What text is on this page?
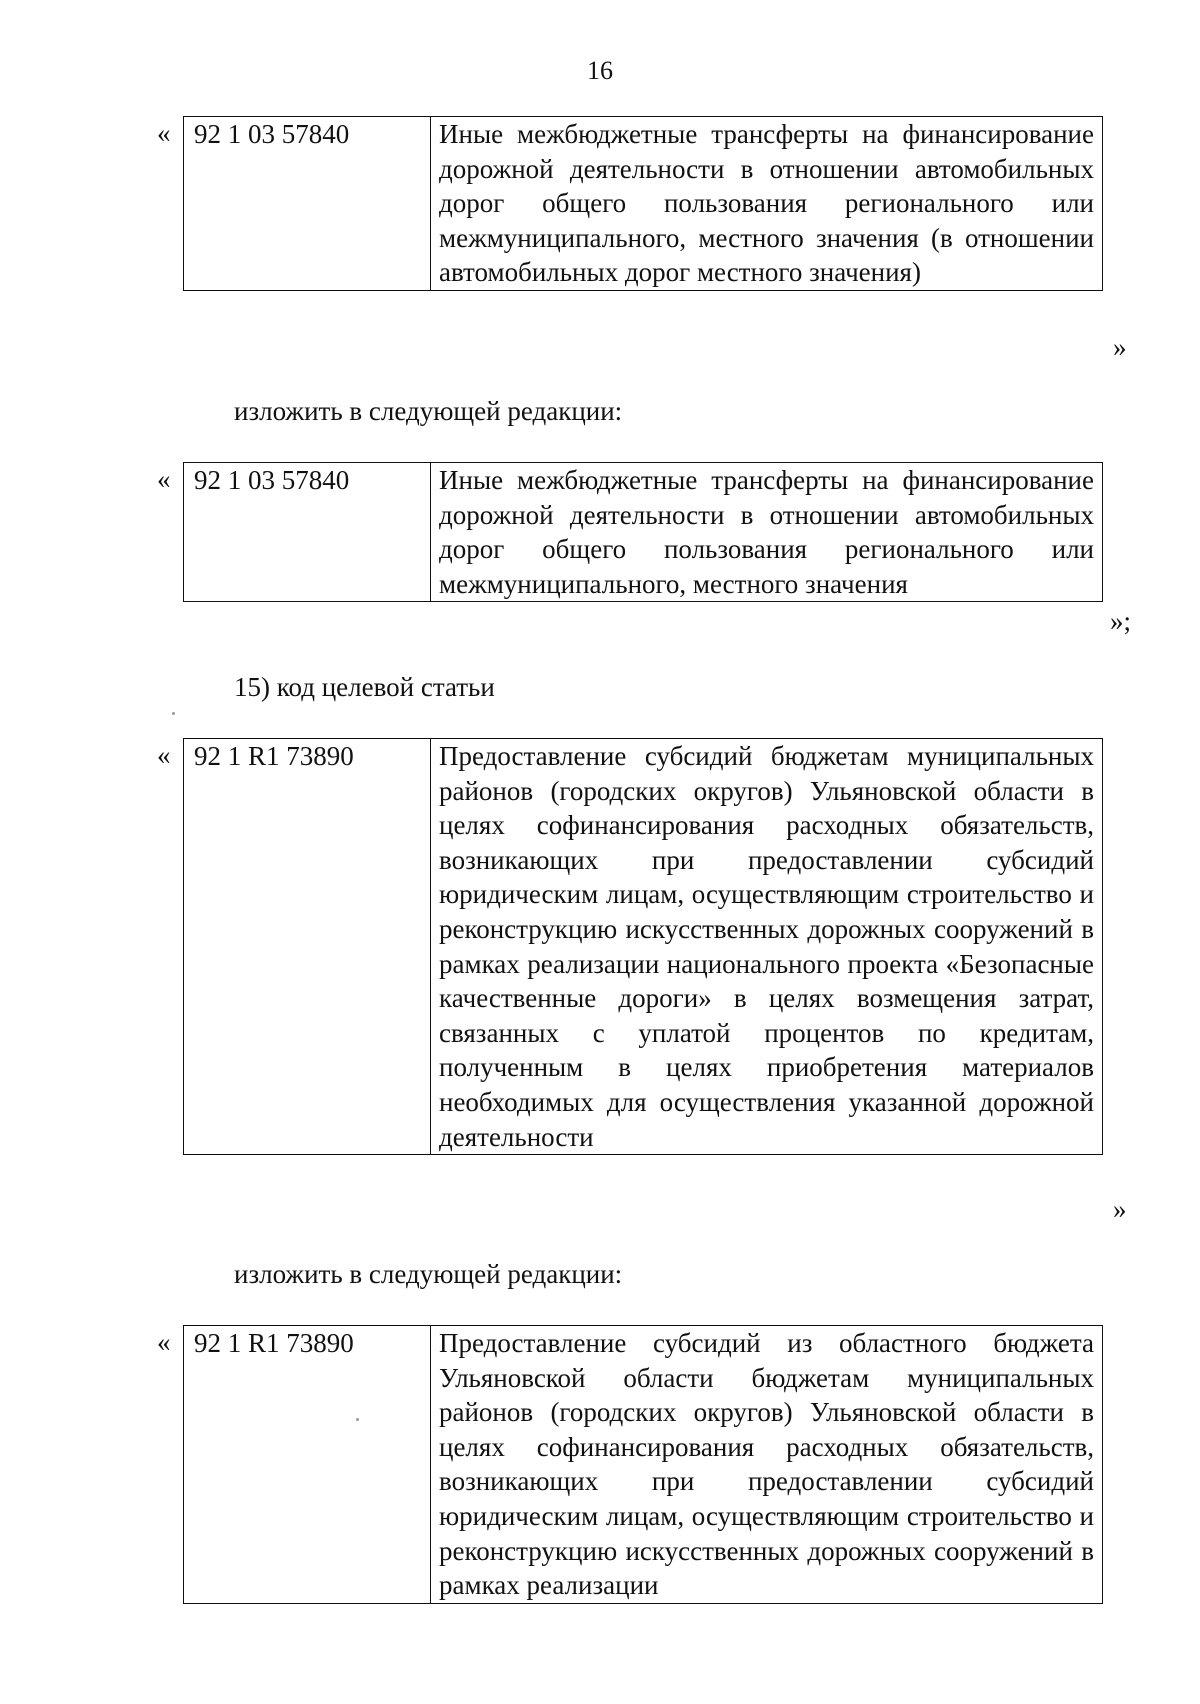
16
« 92 1 03 57840	Иные межбюджетные трансферты на финансирование дорожной деятельности в отношении автомобильных дорог общего пользования регионального или межмуниципального, местного значения (в отношении автомобильных дорог местного значения)
»
изложить в следующей редакции:
« 92 1 03 57840	Иные межбюджетные трансферты на финансирование дорожной деятельности в отношении автомобильных дорог общего пользования регионального или межмуниципального, местного значения
»;
15) код целевой статьи
« 92 1 R1 73890	Предоставление субсидий бюджетам муниципальных районов (городских округов) Ульяновской области в целях софинансирования расходных обязательств, возникающих при предоставлении субсидий юридическим лицам, осуществляющим строительство и реконструкцию искусственных дорожных сооружений в рамках реализации национального проекта «Безопасные качественные дороги» в целях возмещения затрат, связанных с уплатой процентов по кредитам, полученным в целях приобретения материалов необходимых для осуществления указанной дорожной деятельности
»
изложить в следующей редакции:
« 92 1 R1 73890	Предоставление субсидий из областного бюджета Ульяновской области бюджетам муниципальных районов (городских округов) Ульяновской области в целях софинансирования расходных обязательств, возникающих при предоставлении субсидий юридическим лицам, осуществляющим строительство и реконструкцию искусственных дорожных сооружений в рамках реализации
